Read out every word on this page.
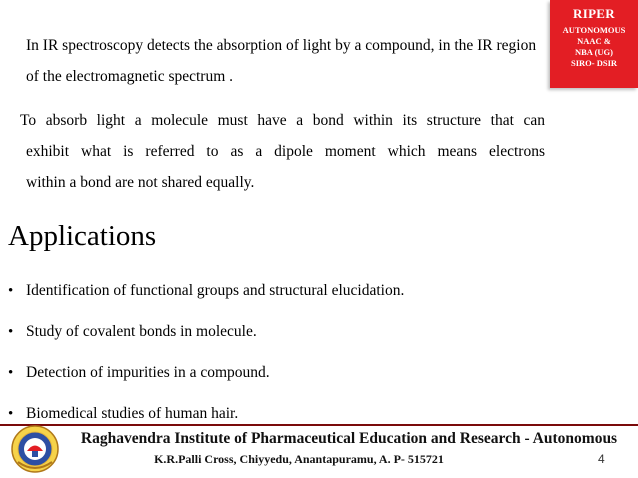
RIPER
AUTONOMOUS
NAAC &
NBA (UG)
SIRO- DSIR
In IR spectroscopy detects the absorption of light by a compound, in the IR region of the electromagnetic spectrum .
To absorb light a molecule must have a bond within its structure that can
exhibit what is referred to as a dipole moment which means electrons
within a bond are not shared equally.
Applications
• Identification of functional groups and structural elucidation.
• Study of covalent bonds in molecule.
• Detection of impurities in a compound.
• Biomedical studies of human hair.
Raghavendra Institute of Pharmaceutical Education and Research - Autonomous
K.R.Palli Cross, Chiyyedu, Anantapuramu, A. P- 515721	4
